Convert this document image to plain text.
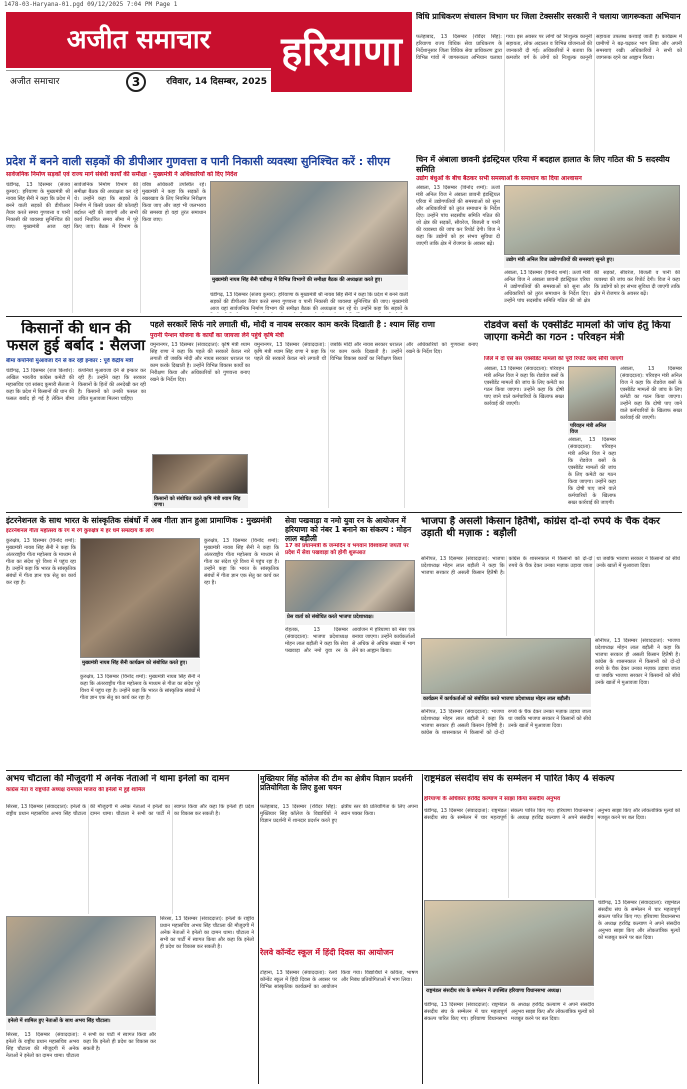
1478-03-Haryana-01.pgd 09/12/2025 7:04 PM Page 1
अजीत समाचार	हरियाणा
अजीत समाचार	3	रविवार, 14 दिसम्बर, 2025
विधि प्राधिकरण संचालन विभाग घर जिला टेक्ससीर सरकारी ने चलाया जागरूकता अभियान
फतेहाबाद, 13 दिसम्बर (रविंदर सिंह): हरियाणा राज्य विधिक सेवा प्राधिकरण के निर्देशानुसार जिला विधिक सेवा प्राधिकरण द्वारा विभिन्न गांवों में जागरूकता अभियान चलाया गया। इस अवसर पर लोगों को निःशुल्क कानूनी सहायता, लोक अदालत व विभिन्न योजनाओं की जानकारी दी गई। अधिकारियों ने बताया कि कमजोर वर्ग के लोगों को निःशुल्क कानूनी सहायता उपलब्ध करवाई जाती है। कार्यक्रम में ग्रामीणों ने बढ़-चढ़कर भाग लिया और अपनी समस्याएं रखीं। अधिकारियों ने सभी को जागरूक रहने का आह्वान किया।
प्रदेश में बनने वाली सड़कों की डीपीआर गुणवत्ता व पानी निकासी व्यवस्था सुनिश्चित करें : सीएम
सार्वजनिक निर्माण सड़कों एवं राज्य मार्ग संबंधी कार्यों की समीक्षा · मुख्यमंत्री ने अधिकारियों को दिए निर्देश
चंडीगढ़, 13 दिसम्बर (संजय कुमार): हरियाणा के मुख्यमंत्री श्री नायब सिंह सैनी ने कहा कि प्रदेश में बनने वाली सड़कों की डीपीआर तैयार करते समय गुणवत्ता व पानी निकासी की व्यवस्था सुनिश्चित की जाए। मुख्यमंत्री आज यहां सार्वजनिक निर्माण विभाग की समीक्षा बैठक की अध्यक्षता कर रहे थे। उन्होंने कहा कि सड़कों के निर्माण में किसी प्रकार की कोताही बर्दाश्त नहीं की जाएगी और सभी कार्य निर्धारित समय सीमा में पूरे किए जाएं। बैठक में विभाग के वरिष्ठ अधिकारी उपस्थित रहे। मुख्यमंत्री ने कहा कि सड़कों के रखरखाव के लिए नियमित निरीक्षण किया जाए और जहां भी जलभराव की समस्या हो वहां तुरंत समाधान किया जाए।
मुख्यमंत्री नायब सिंह सैनी चंडीगढ़ में विभिन्न विभागों की समीक्षा बैठक की अध्यक्षता करते हुए।
चंडीगढ़, 13 दिसम्बर (संजय कुमार): हरियाणा के मुख्यमंत्री श्री नायब सिंह सैनी ने कहा कि प्रदेश में बनने वाली सड़कों की डीपीआर तैयार करते समय गुणवत्ता व पानी निकासी की व्यवस्था सुनिश्चित की जाए। मुख्यमंत्री आज यहां सार्वजनिक निर्माण विभाग की समीक्षा बैठक की अध्यक्षता कर रहे थे। उन्होंने कहा कि सड़कों के
चिन में अंबाला छावनी इंडस्ट्रियल एरिया में बदहाल हालात के लिए गठित की 5 सदस्यीय समिति
उद्योग बंधुओं के बीच बैठकर सभी समस्याओं के समाधान का दिया आश्वासन
उद्योग मंत्री अनिल विज उद्योगपतियों की समस्याएं सुनते हुए।
अंबाला, 13 दिसम्बर (विनोद शर्मा): ऊर्जा मंत्री अनिल विज ने अंबाला छावनी इंडस्ट्रियल एरिया में उद्योगपतियों की समस्याओं को सुना और अधिकारियों को तुरंत समाधान के निर्देश दिए। उन्होंने पांच सदस्यीय समिति गठित की जो क्षेत्र की सड़कों, सीवरेज, बिजली व पानी की व्यवस्था की जांच कर रिपोर्ट देगी। विज ने कहा कि उद्योगों को हर संभव सुविधा दी जाएगी ताकि क्षेत्र में रोजगार के अवसर बढ़ें।
अंबाला, 13 दिसम्बर (विनोद शर्मा): ऊर्जा मंत्री अनिल विज ने अंबाला छावनी इंडस्ट्रियल एरिया में उद्योगपतियों की समस्याओं को सुना और अधिकारियों को तुरंत समाधान के निर्देश दिए। उन्होंने पांच सदस्यीय समिति गठित की जो क्षेत्र की सड़कों, सीवरेज, बिजली व पानी की व्यवस्था की जांच कर रिपोर्ट देगी। विज ने कहा कि उद्योगों को हर संभव सुविधा दी जाएगी ताकि क्षेत्र में रोजगार के अवसर बढ़ें।
किसानों की धान की फसल हुई बर्बाद : सैलजा
बीमा कंपनियों मुआवजा देने से कर रही इन्कार : पूर्व केंद्रीय मंत्री
चंडीगढ़, 13 दिसम्बर (राज किशोर): अखिल भारतीय कांग्रेस कमेटी की महासचिव एवं सांसद कुमारी सैलजा ने कहा कि प्रदेश में किसानों की धान की फसल बर्बाद हो गई है लेकिन बीमा कंपनियां मुआवजा देने से इन्कार कर रही हैं। उन्होंने कहा कि सरकार किसानों के हितों की अनदेखी कर रही है। किसानों को उनकी फसल का उचित मुआवजा मिलना चाहिए।
पहले सरकारें सिर्फ नारे लगाती थी, मोदी व नायब सरकार काम करके दिखाती है : श्याम सिंह राणा
पुरानी पेन्शन योजना के कार्यों का जायजा लेने पहुंचे कृषि मंत्री
यमुनानगर, 13 दिसम्बर (संवाददाता): कृषि मंत्री श्याम सिंह राणा ने कहा कि पहले की सरकारें केवल नारे लगाती थीं जबकि मोदी और नायब सरकार धरातल पर काम करके दिखाती है। उन्होंने विभिन्न विकास कार्यों का निरीक्षण किया और अधिकारियों को गुणवत्ता बनाए रखने के निर्देश दिए।
किसानों को संबोधित करते कृषि मंत्री श्याम सिंह राणा।
यमुनानगर, 13 दिसम्बर (संवाददाता): कृषि मंत्री श्याम सिंह राणा ने कहा कि पहले की सरकारें केवल नारे लगाती थीं जबकि मोदी और नायब सरकार धरातल पर काम करके दिखाती है। उन्होंने विभिन्न विकास कार्यों का निरीक्षण किया और अधिकारियों को गुणवत्ता बनाए रखने के निर्देश दिए।
रोडवेज बसों के एक्सीडेंट मामलों की जांच हेतु किया जाएगा कमेटी का गठन : परिवहन मंत्री
जिले में दो ऐसे बस एक्सीडेंट मामलों की पूरी रिपोर्ट जल्द सौंपी जाएगी
अंबाला, 13 दिसम्बर (संवाददाता): परिवहन मंत्री अनिल विज ने कहा कि रोडवेज बसों के एक्सीडेंट मामलों की जांच के लिए कमेटी का गठन किया जाएगा। उन्होंने कहा कि दोषी पाए जाने वाले कर्मचारियों के खिलाफ सख्त कार्रवाई की जाएगी।
परिवहन मंत्री अनिल विज
अंबाला, 13 दिसम्बर (संवाददाता): परिवहन मंत्री अनिल विज ने कहा कि रोडवेज बसों के एक्सीडेंट मामलों की जांच के लिए कमेटी का गठन किया जाएगा। उन्होंने कहा कि दोषी पाए जाने वाले कर्मचारियों के खिलाफ सख्त कार्रवाई की जाएगी।
अंबाला, 13 दिसम्बर (संवाददाता): परिवहन मंत्री अनिल विज ने कहा कि रोडवेज बसों के एक्सीडेंट मामलों की जांच के लिए कमेटी का गठन किया जाएगा। उन्होंने कहा कि दोषी पाए जाने वाले कर्मचारियों के खिलाफ सख्त कार्रवाई की जाएगी।
इंटरनेशनल के साथ भारत के सांस्कृतिक संबंधों में अब गीता ज्ञान हुआ प्रामाणिक : मुख्यमंत्री
इंटरनेशनल गीता महोत्सव के रंग में रंगे कुरुक्षेत्र में हर धर्म सम्प्रदाय के लोग
कुरुक्षेत्र, 13 दिसम्बर (विनोद शर्मा): मुख्यमंत्री नायब सिंह सैनी ने कहा कि अंतरराष्ट्रीय गीता महोत्सव के माध्यम से गीता का संदेश पूरे विश्व में पहुंच रहा है। उन्होंने कहा कि भारत के सांस्कृतिक संबंधों में गीता ज्ञान एक सेतु का कार्य कर रहा है।
मुख्यमंत्री नायब सिंह सैनी कार्यक्रम को संबोधित करते हुए।
कुरुक्षेत्र, 13 दिसम्बर (विनोद शर्मा): मुख्यमंत्री नायब सिंह सैनी ने कहा कि अंतरराष्ट्रीय गीता महोत्सव के माध्यम से गीता का संदेश पूरे विश्व में पहुंच रहा है। उन्होंने कहा कि भारत के सांस्कृतिक संबंधों में गीता ज्ञान एक सेतु का कार्य कर रहा है।
कुरुक्षेत्र, 13 दिसम्बर (विनोद शर्मा): मुख्यमंत्री नायब सिंह सैनी ने कहा कि अंतरराष्ट्रीय गीता महोत्सव के माध्यम से गीता का संदेश पूरे विश्व में पहुंच रहा है। उन्होंने कहा कि भारत के सांस्कृतिक संबंधों में गीता ज्ञान एक सेतु का कार्य कर रहा है।
सेवा पखवाड़ा व नमो युवा रन के आयोजन में हरियाणा को नंबर 1 बनाने का संकल्प : मोहन लाल बड़ौली
17 को प्रधानमंत्री के जन्मदिन व भगवान विश्वकर्मा जयंती पर प्रदेश में सेवा पखवाड़ा को होगी शुरूआत
प्रेस वार्ता को संबोधित करते भाजपा प्रदेशाध्यक्ष।
रोहतक, 13 दिसम्बर (संवाददाता): भाजपा प्रदेशाध्यक्ष मोहन लाल बड़ौली ने कहा कि सेवा पखवाड़ा और नमो युवा रन के आयोजन में हरियाणा को नंबर एक बनाया जाएगा। उन्होंने कार्यकर्ताओं से अधिक से अधिक संख्या में भाग लेने का आह्वान किया।
भाजपा है असली किसान हितैषी, कांग्रेस दो-दो रुपये के चैक देकर उड़ाती थी मज़ाक : बड़ौली
सोनीपत, 13 दिसम्बर (संवाददाता): भाजपा प्रदेशाध्यक्ष मोहन लाल बड़ौली ने कहा कि भाजपा सरकार ही असली किसान हितैषी है। कांग्रेस के शासनकाल में किसानों को दो-दो रुपये के चैक देकर उनका मज़ाक उड़ाया जाता था जबकि भाजपा सरकार ने किसानों को सीधे उनके खातों में मुआवजा दिया।
कार्यक्रम में कार्यकर्ताओं को संबोधित करते भाजपा प्रदेशाध्यक्ष मोहन लाल बड़ौली।
सोनीपत, 13 दिसम्बर (संवाददाता): भाजपा प्रदेशाध्यक्ष मोहन लाल बड़ौली ने कहा कि भाजपा सरकार ही असली किसान हितैषी है। कांग्रेस के शासनकाल में किसानों को दो-दो रुपये के चैक देकर उनका मज़ाक उड़ाया जाता था जबकि भाजपा सरकार ने किसानों को सीधे उनके खातों में मुआवजा दिया।
सोनीपत, 13 दिसम्बर (संवाददाता): भाजपा प्रदेशाध्यक्ष मोहन लाल बड़ौली ने कहा कि भाजपा सरकार ही असली किसान हितैषी है। कांग्रेस के शासनकाल में किसानों को दो-दो रुपये के चैक देकर उनका मज़ाक उड़ाया जाता था जबकि भाजपा सरकार ने किसानों को सीधे उनके खातों में मुआवजा दिया।
अभय चौटाला की मौजूदगी में अनेक नेताओं ने थामा इनेलो का दामन
कांग्रेस नेता व राष्ट्रपति अध्यक्ष रामपाल माजरा की इनेलो में हुई शामिल
सिरसा, 13 दिसम्बर (संवाददाता): इनेलो के राष्ट्रीय प्रधान महासचिव अभय सिंह चौटाला की मौजूदगी में अनेक नेताओं ने इनेलो का दामन थामा। चौटाला ने सभी का पार्टी में स्वागत किया और कहा कि इनेलो ही प्रदेश का विकास कर सकती है।
इनेलो में शामिल हुए नेताओं के साथ अभय सिंह चौटाला।
सिरसा, 13 दिसम्बर (संवाददाता): इनेलो के राष्ट्रीय प्रधान महासचिव अभय सिंह चौटाला की मौजूदगी में अनेक नेताओं ने इनेलो का दामन थामा। चौटाला ने सभी का पार्टी में स्वागत किया और कहा कि इनेलो ही प्रदेश का विकास कर सकती है।
सिरसा, 13 दिसम्बर (संवाददाता): इनेलो के राष्ट्रीय प्रधान महासचिव अभय सिंह चौटाला की मौजूदगी में अनेक नेताओं ने इनेलो का दामन थामा। चौटाला ने सभी का पार्टी में स्वागत किया और कहा कि इनेलो ही प्रदेश का विकास कर सकती है।
मुख्तियार सिंह कॉलेज की टीम का क्षेत्रीय विज्ञान प्रदर्शनी प्रतियोगिता के लिए हुआ चयन
फतेहाबाद, 13 दिसम्बर (रविंदर सिंह): मुख्तियार सिंह कॉलेज के विद्यार्थियों ने विज्ञान प्रदर्शनी में शानदार प्रदर्शन करते हुए क्षेत्रीय स्तर की प्रतियोगिता के लिए अपना स्थान पक्का किया।
रेलवे कॉन्वेंट स्कूल में हिंदी दिवस का आयोजन
टोहाना, 13 दिसम्बर (संवाददाता): रेलवे कॉन्वेंट स्कूल में हिंदी दिवस के अवसर पर विभिन्न सांस्कृतिक कार्यक्रमों का आयोजन किया गया। विद्यार्थियों ने कविता, भाषण और निबंध प्रतियोगिताओं में भाग लिया।
राष्ट्रमंडल संसदीय संघ के सम्मेलन में पारित किए 4 संकल्प
हरियाणा के अधिकार हरविंद्र कल्याण ने साझा किया संसदीय अनुभव
चंडीगढ़, 13 दिसम्बर (संवाददाता): राष्ट्रमंडल संसदीय संघ के सम्मेलन में चार महत्वपूर्ण संकल्प पारित किए गए। हरियाणा विधानसभा के अध्यक्ष हरविंद्र कल्याण ने अपने संसदीय अनुभव साझा किए और लोकतांत्रिक मूल्यों को मजबूत करने पर बल दिया।
राष्ट्रमंडल संसदीय संघ के सम्मेलन में उपस्थित हरियाणा विधानसभा अध्यक्ष।
चंडीगढ़, 13 दिसम्बर (संवाददाता): राष्ट्रमंडल संसदीय संघ के सम्मेलन में चार महत्वपूर्ण संकल्प पारित किए गए। हरियाणा विधानसभा के अध्यक्ष हरविंद्र कल्याण ने अपने संसदीय अनुभव साझा किए और लोकतांत्रिक मूल्यों को मजबूत करने पर बल दिया।
चंडीगढ़, 13 दिसम्बर (संवाददाता): राष्ट्रमंडल संसदीय संघ के सम्मेलन में चार महत्वपूर्ण संकल्प पारित किए गए। हरियाणा विधानसभा के अध्यक्ष हरविंद्र कल्याण ने अपने संसदीय अनुभव साझा किए और लोकतांत्रिक मूल्यों को मजबूत करने पर बल दिया।
